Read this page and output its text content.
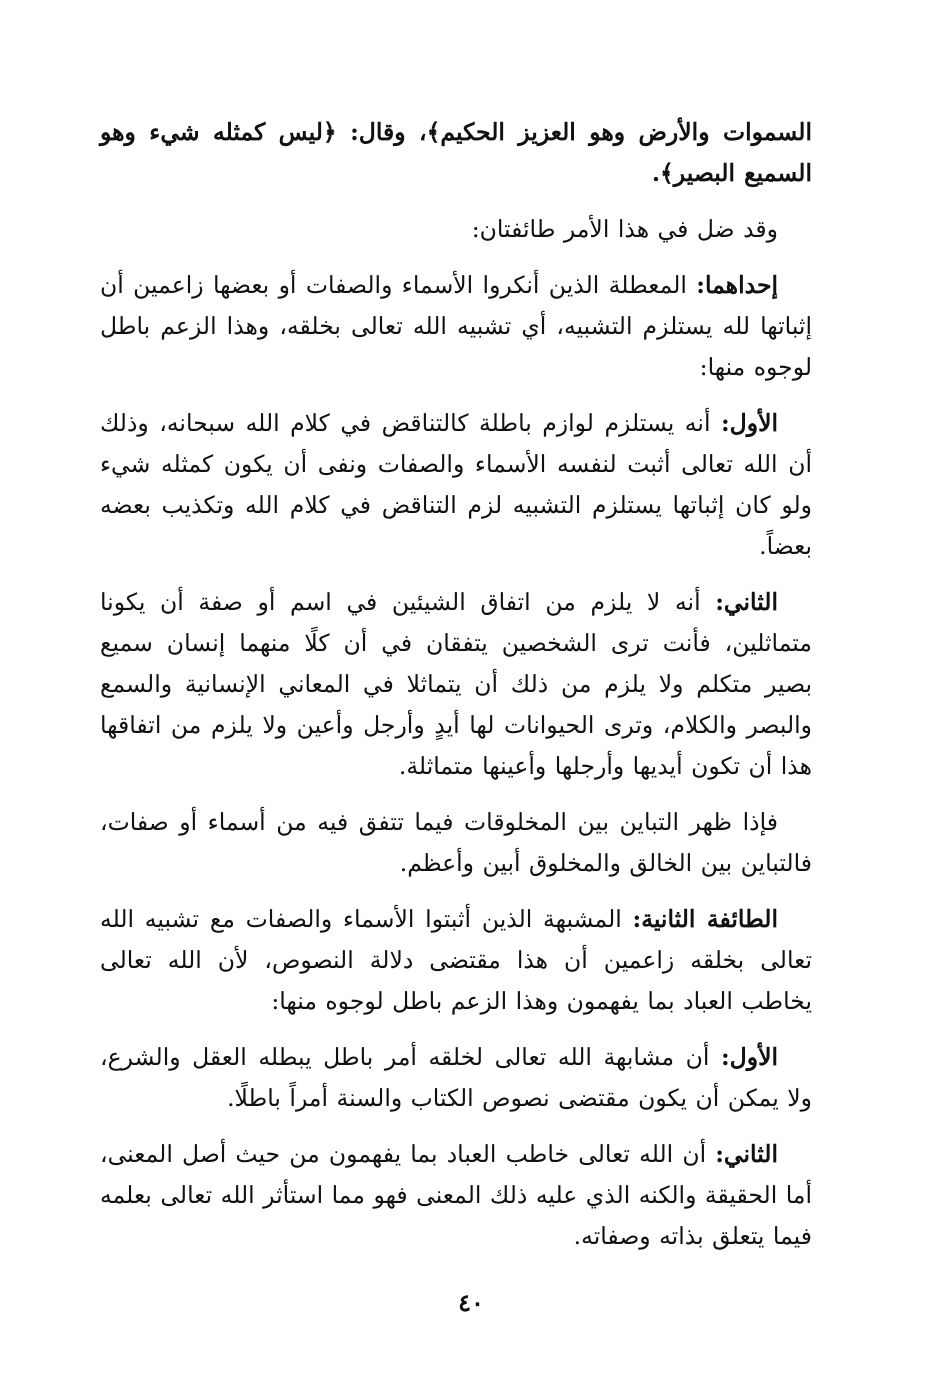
السموات والأرض وهو العزيز الحكيم﴾، وقال: ﴿ليس كمثله شيء وهو السميع البصير﴾.

وقد ضل في هذا الأمر طائفتان:

إحداهما: المعطلة الذين أنكروا الأسماء والصفات أو بعضها زاعمين أن إثباتها لله يستلزم التشبيه، أي تشبيه الله تعالى بخلقه، وهذا الزعم باطل لوجوه منها:

الأول: أنه يستلزم لوازم باطلة كالتناقض في كلام الله سبحانه، وذلك أن الله تعالى أثبت لنفسه الأسماء والصفات ونفى أن يكون كمثله شيء ولو كان إثباتها يستلزم التشبيه لزم التناقض في كلام الله وتكذيب بعضه بعضاً.

الثاني: أنه لا يلزم من اتفاق الشيئين في اسم أو صفة أن يكونا متماثلين، فأنت ترى الشخصين يتفقان في أن كلًا منهما إنسان سميع بصير متكلم ولا يلزم من ذلك أن يتماثلا في المعاني الإنسانية والسمع والبصر والكلام، وترى الحيوانات لها أيدٍ وأرجل وأعين ولا يلزم من اتفاقها هذا أن تكون أيديها وأرجلها وأعينها متماثلة.

فإذا ظهر التباين بين المخلوقات فيما تتفق فيه من أسماء أو صفات، فالتباين بين الخالق والمخلوق أبين وأعظم.

الطائفة الثانية: المشبهة الذين أثبتوا الأسماء والصفات مع تشبيه الله تعالى بخلقه زاعمين أن هذا مقتضى دلالة النصوص، لأن الله تعالى يخاطب العباد بما يفهمون وهذا الزعم باطل لوجوه منها:

الأول: أن مشابهة الله تعالى لخلقه أمر باطل يبطله العقل والشرع، ولا يمكن أن يكون مقتضى نصوص الكتاب والسنة أمراً باطلًا.

الثاني: أن الله تعالى خاطب العباد بما يفهمون من حيث أصل المعنى، أما الحقيقة والكنه الذي عليه ذلك المعنى فهو مما استأثر الله تعالى بعلمه فيما يتعلق بذاته وصفاته.

٤٠
